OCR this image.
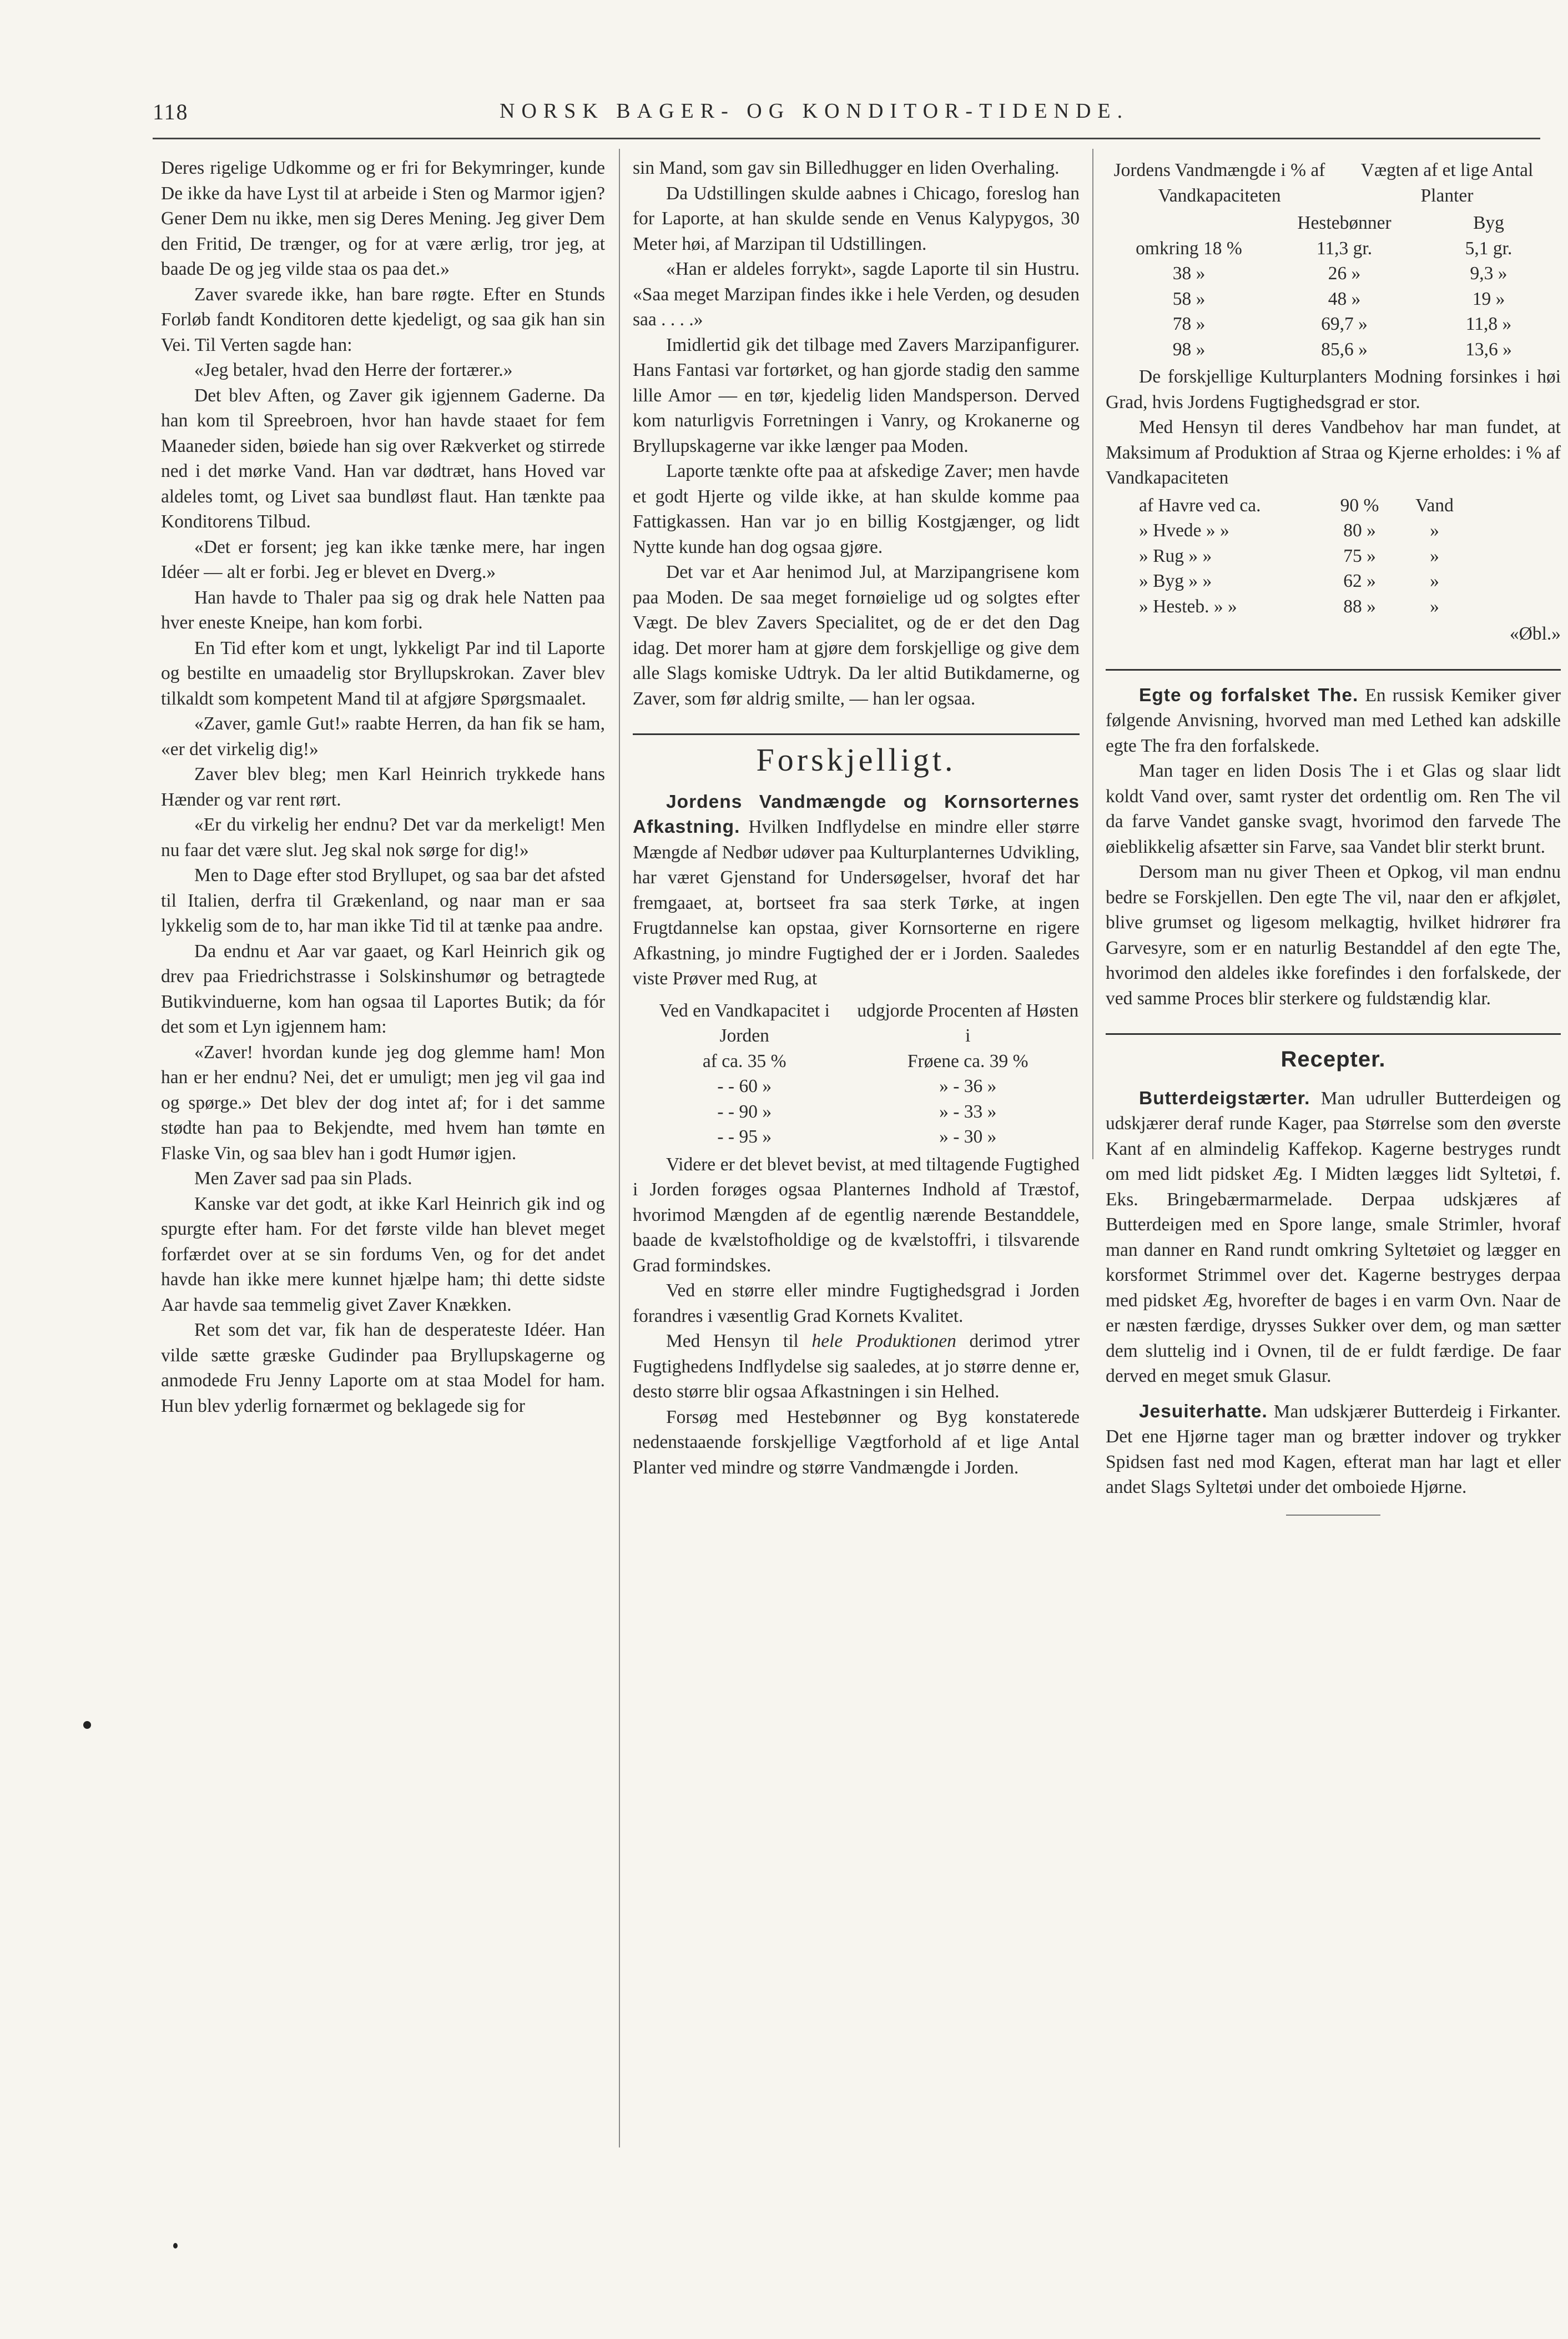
118	NORSK BAGER- OG KONDITOR-TIDENDE.

Deres rigelige Udkomme og er fri for Bekymringer, kunde De ikke da have Lyst til at arbeide i Sten og Marmor igjen? Gener Dem nu ikke, men sig Deres Mening. Jeg giver Dem den Fritid, De trænger, og for at være ærlig, tror jeg, at baade De og jeg vilde staa os paa det.»

Zaver svarede ikke, han bare røgte. Efter en Stunds Forløb fandt Konditoren dette kjedeligt, og saa gik han sin Vei. Til Verten sagde han:

«Jeg betaler, hvad den Herre der fortærer.»

Det blev Aften, og Zaver gik igjennem Gaderne. Da han kom til Spreebroen, hvor han havde staaet for fem Maaneder siden, bøiede han sig over Rækverket og stirrede ned i det mørke Vand. Han var dødtræt, hans Hoved var aldeles tomt, og Livet saa bundløst flaut. Han tænkte paa Konditorens Tilbud.

«Det er forsent; jeg kan ikke tænke mere, har ingen Idéer — alt er forbi. Jeg er blevet en Dverg.»

Han havde to Thaler paa sig og drak hele Natten paa hver eneste Kneipe, han kom forbi.

En Tid efter kom et ungt, lykkeligt Par ind til Laporte og bestilte en umaadelig stor Bryllupskrokan. Zaver blev tilkaldt som kompetent Mand til at afgjøre Spørgsmaalet.

«Zaver, gamle Gut!» raabte Herren, da han fik se ham, «er det virkelig dig!»

Zaver blev bleg; men Karl Heinrich trykkede hans Hænder og var rent rørt.

«Er du virkelig her endnu? Det var da merkeligt! Men nu faar det være slut. Jeg skal nok sørge for dig!»

Men to Dage efter stod Bryllupet, og saa bar det afsted til Italien, derfra til Grækenland, og naar man er saa lykkelig som de to, har man ikke Tid til at tænke paa andre.

Da endnu et Aar var gaaet, og Karl Heinrich gik og drev paa Friedrichstrasse i Solskinshumør og betragtede Butikvinduerne, kom han ogsaa til Laportes Butik; da fór det som et Lyn igjennem ham:

«Zaver! hvordan kunde jeg dog glemme ham! Mon han er her endnu? Nei, det er umuligt; men jeg vil gaa ind og spørge.» Det blev der dog intet af; for i det samme stødte han paa to Bekjendte, med hvem han tømte en Flaske Vin, og saa blev han i godt Humør igjen.

Men Zaver sad paa sin Plads.

Kanske var det godt, at ikke Karl Heinrich gik ind og spurgte efter ham. For det første vilde han blevet meget forfærdet over at se sin fordums Ven, og for det andet havde han ikke mere kunnet hjælpe ham; thi dette sidste Aar havde saa temmelig givet Zaver Knækken.

Ret som det var, fik han de desperateste Idéer. Han vilde sætte græske Gudinder paa Bryllupskagerne og anmodede Fru Jenny Laporte om at staa Model for ham. Hun blev yderlig fornærmet og beklagede sig for

sin Mand, som gav sin Billedhugger en liden Overhaling.

Da Udstillingen skulde aabnes i Chicago, foreslog han for Laporte, at han skulde sende en Venus Kalypygos, 30 Meter høi, af Marzipan til Udstillingen.

«Han er aldeles forrykt», sagde Laporte til sin Hustru. «Saa meget Marzipan findes ikke i hele Verden, og desuden saa . . . .»

Imidlertid gik det tilbage med Zavers Marzipanfigurer. Hans Fantasi var fortørket, og han gjorde stadig den samme lille Amor — en tør, kjedelig liden Mandsperson. Derved kom naturligvis Forretningen i Vanry, og Krokanerne og Bryllupskagerne var ikke længer paa Moden.

Laporte tænkte ofte paa at afskedige Zaver; men havde et godt Hjerte og vilde ikke, at han skulde komme paa Fattigkassen. Han var jo en billig Kostgjænger, og lidt Nytte kunde han dog ogsaa gjøre.

Det var et Aar henimod Jul, at Marzipangrisene kom paa Moden. De saa meget fornøielige ud og solgtes efter Vægt. De blev Zavers Specialitet, og de er det den Dag idag. Det morer ham at gjøre dem forskjellige og give dem alle Slags komiske Udtryk. Da ler altid Butikdamerne, og Zaver, som før aldrig smilte, — han ler ogsaa.

Forskjelligt.

Jordens Vandmængde og Kornsorternes Afkastning. Hvilken Indflydelse en mindre eller større Mængde af Nedbør udøver paa Kulturplanternes Udvikling, har været Gjenstand for Undersøgelser, hvoraf det har fremgaaet, at, bortseet fra saa sterk Tørke, at ingen Frugtdannelse kan opstaa, giver Kornsorterne en rigere Afkastning, jo mindre Fugtighed der er i Jorden. Saaledes viste Prøver med Rug, at

Ved en Vandkapacitet i Jorden
udgjorde Procenten af Høsten i
af ca. 35 %	Frøene ca. 39 %
- - 60 »	» - 36 »
- - 90 »	» - 33 »
- - 95 »	» - 30 »

Videre er det blevet bevist, at med tiltagende Fugtighed i Jorden forøges ogsaa Planternes Indhold af Træstof, hvorimod Mængden af de egentlig nærende Bestanddele, baade de kvælstofholdige og de kvælstoffri, i tilsvarende Grad formindskes.

Ved en større eller mindre Fugtighedsgrad i Jorden forandres i væsentlig Grad Kornets Kvalitet.

Med Hensyn til hele Produktionen derimod ytrer Fugtighedens Indflydelse sig saaledes, at jo større denne er, desto større blir ogsaa Afkastningen i sin Helhed.

Forsøg med Hestebønner og Byg konstaterede nedenstaaende forskjellige Vægtforhold af et lige Antal Planter ved mindre og større Vandmængde i Jorden.

Jordens Vandmængde i % af Vandkapaciteten
Vægten af et lige Antal Planter
Hestebønner	Byg
omkring 18 %	11,3 gr.	5,1 gr.
38 »	26 »	9,3 »
58 »	48 »	19 »
78 »	69,7 »	11,8 »
98 »	85,6 »	13,6 »

De forskjellige Kulturplanters Modning forsinkes i høi Grad, hvis Jordens Fugtighedsgrad er stor.

Med Hensyn til deres Vandbehov har man fundet, at Maksimum af Produktion af Straa og Kjerne erholdes: i % af Vandkapaciteten

af Havre ved ca.	90 %	Vand
» Hvede » »	80 »	»
» Rug » »	75 »	»
» Byg » »	62 »	»
» Hesteb. » »	88 »	»

«Øbl.»

Egte og forfalsket The. En russisk Kemiker giver følgende Anvisning, hvorved man med Lethed kan adskille egte The fra den forfalskede.

Man tager en liden Dosis The i et Glas og slaar lidt koldt Vand over, samt ryster det ordentlig om. Ren The vil da farve Vandet ganske svagt, hvorimod den farvede The øieblikkelig afsætter sin Farve, saa Vandet blir sterkt brunt.

Dersom man nu giver Theen et Opkog, vil man endnu bedre se Forskjellen. Den egte The vil, naar den er afkjølet, blive grumset og ligesom melkagtig, hvilket hidrører fra Garvesyre, som er en naturlig Bestanddel af den egte The, hvorimod den aldeles ikke forefindes i den forfalskede, der ved samme Proces blir sterkere og fuldstændig klar.

Recepter.

Butterdeigstærter. Man udruller Butterdeigen og udskjærer deraf runde Kager, paa Størrelse som den øverste Kant af en almindelig Kaffekop. Kagerne bestryges rundt om med lidt pidsket Æg. I Midten lægges lidt Syltetøi, f. Eks. Bringebærmarmelade. Derpaa udskjæres af Butterdeigen med en Spore lange, smale Strimler, hvoraf man danner en Rand rundt omkring Syltetøiet og lægger en korsformet Strimmel over det. Kagerne bestryges derpaa med pidsket Æg, hvorefter de bages i en varm Ovn. Naar de er næsten færdige, drysses Sukker over dem, og man sætter dem sluttelig ind i Ovnen, til de er fuldt færdige. De faar derved en meget smuk Glasur.

Jesuiterhatte. Man udskjærer Butterdeig i Firkanter. Det ene Hjørne tager man og brætter indover og trykker Spidsen fast ned mod Kagen, efterat man har lagt et eller andet Slags Syltetøi under det omboiede Hjørne.
